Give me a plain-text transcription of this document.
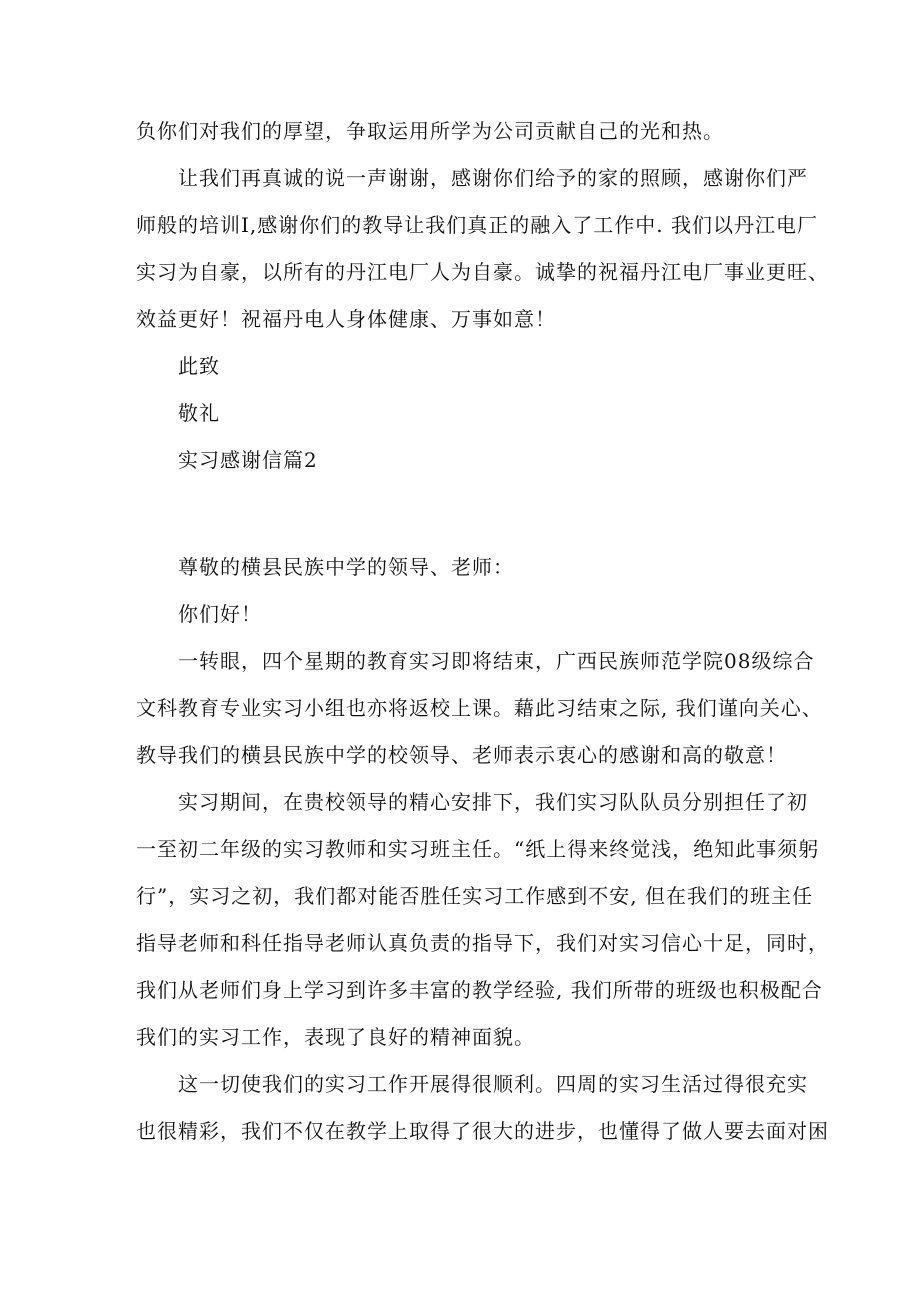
负你们对我们的厚望，争取运用所学为公司贡献自己的光和热。
让我们再真诚的说一声谢谢，感谢你们给予的家的照顾，感谢你们严
师般的培训I,感谢你们的教导让我们真正的融入了工作中. 我们以丹江电厂
实习为自豪，以所有的丹江电厂人为自豪。诚挚的祝福丹江电厂事业更旺、
效益更好！祝福丹电人身体健康、万事如意！
此致
敬礼
实习感谢信篇2
尊敬的横县民族中学的领导、老师：
你们好！
一转眼，四个星期的教育实习即将结束，广西民族师范学院08级综合
文科教育专业实习小组也亦将返校上课。藉此习结束之际, 我们谨向关心、
教导我们的横县民族中学的校领导、老师表示衷心的感谢和高的敬意！
实习期间，在贵校领导的精心安排下，我们实习队队员分别担任了初
一至初二年级的实习教师和实习班主任。“纸上得来终觉浅，绝知此事须躬
行”，实习之初，我们都对能否胜任实习工作感到不安, 但在我们的班主任
指导老师和科任指导老师认真负责的指导下，我们对实习信心十足，同时，
我们从老师们身上学习到许多丰富的教学经验, 我们所带的班级也积极配合
我们的实习工作，表现了良好的精神面貌。
这一切使我们的实习工作开展得很顺利。四周的实习生活过得很充实
也很精彩，我们不仅在教学上取得了很大的进步，也懂得了做人要去面对困
